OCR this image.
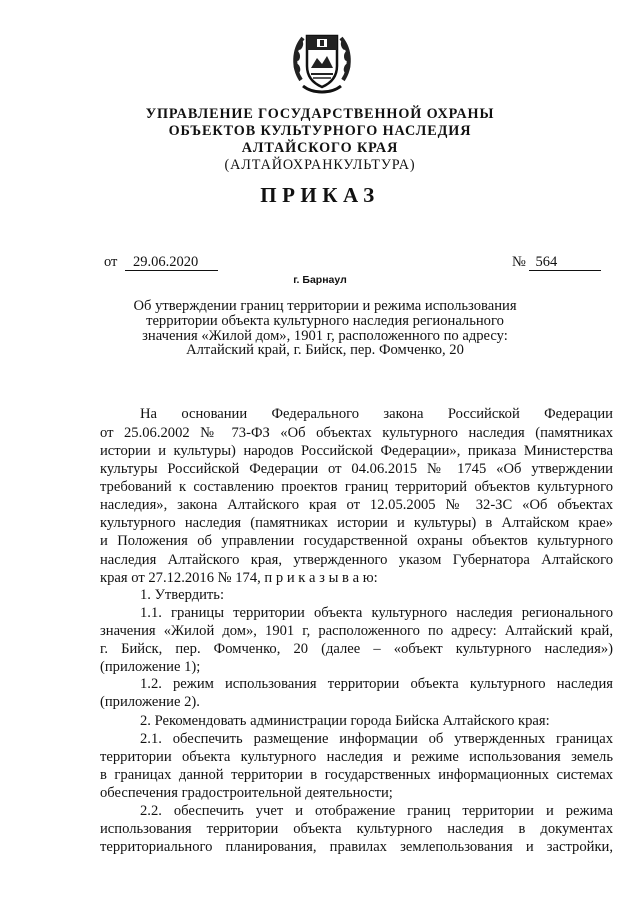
УПРАВЛЕНИЕ ГОСУДАРСТВЕННОЙ ОХРАНЫ
ОБЪЕКТОВ КУЛЬТУРНОГО НАСЛЕДИЯ
АЛТАЙСКОГО КРАЯ
(АЛТАЙОХРАНКУЛЬТУРА)
ПРИКАЗ
от 29.06.2020	№ 564
г. Барнаул
Об утверждении границ территории и режима использования
территории объекта культурного наследия регионального
значения «Жилой дом», 1901 г, расположенного по адресу:
Алтайский край, г. Бийск, пер. Фомченко, 20
На основании Федерального закона Российской Федерации
от 25.06.2002 № 73-ФЗ «Об объектах культурного наследия (памятниках
истории и культуры) народов Российской Федерации», приказа Министерства
культуры Российской Федерации от 04.06.2015 № 1745 «Об утверждении
требований к составлению проектов границ территорий объектов культурного
наследия», закона Алтайского края от 12.05.2005 № 32-ЗС «Об объектах
культурного наследия (памятниках истории и культуры) в Алтайском крае»
и Положения об управлении государственной охраны объектов культурного
наследия Алтайского края, утвержденного указом Губернатора Алтайского
края от 27.12.2016 № 174, п р и к а з ы в а ю:
1. Утвердить:
1.1. границы территории объекта культурного наследия регионального
значения «Жилой дом», 1901 г, расположенного по адресу: Алтайский край,
г. Бийск, пер. Фомченко, 20 (далее – «объект культурного наследия»)
(приложение 1);
1.2. режим использования территории объекта культурного наследия
(приложение 2).
2. Рекомендовать администрации города Бийска Алтайского края:
2.1. обеспечить размещение информации об утвержденных границах
территории объекта культурного наследия и режиме использования земель
в границах данной территории в государственных информационных системах
обеспечения градостроительной деятельности;
2.2. обеспечить учет и отображение границ территории и режима
использования территории объекта культурного наследия в документах
территориального планирования, правилах землепользования и застройки,
